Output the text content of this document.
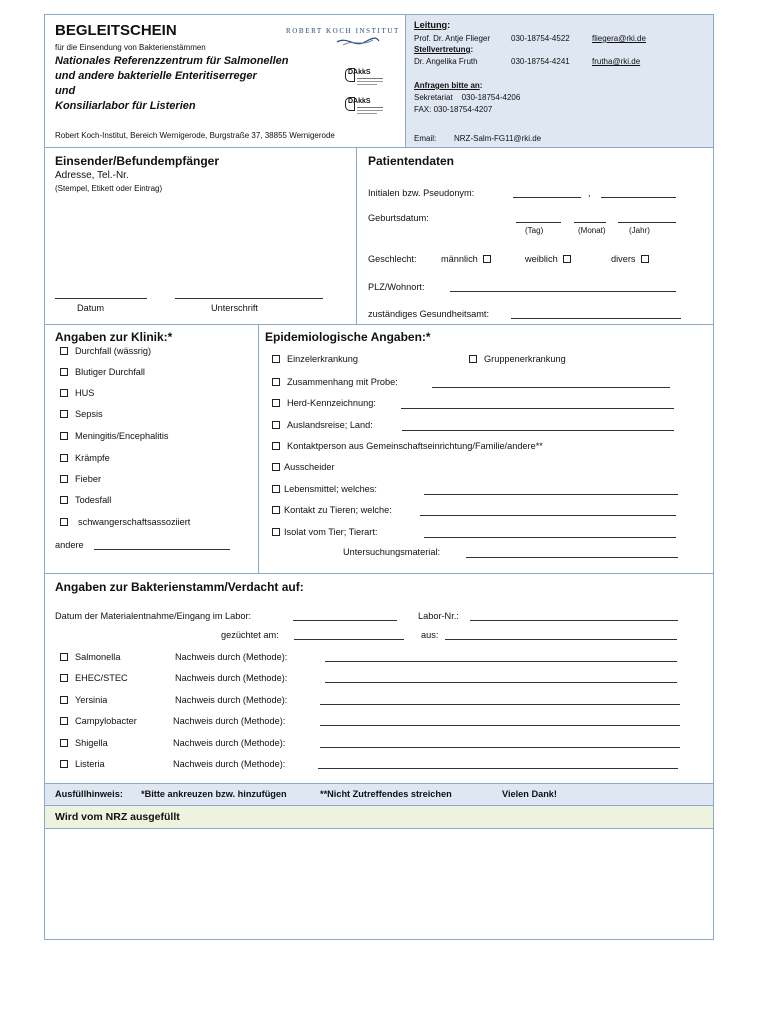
BEGLEITSCHEIN
für die Einsendung von Bakterienstämmen
Nationales Referenzzentrum für Salmonellen
und andere bakterielle Enteritiserreger
und
Konsiliarlabor für Listerien
Robert Koch-Institut, Bereich Wernigerode, Burgstraße 37, 38855 Wernigerode
ROBERT KOCH INSTITUT
DAkkS
DAkkS
Leitung:
Prof. Dr. Antje Flieger	030-18754-4522	fliegera@rki.de
Stellvertretung:
Dr. Angelika Fruth	030-18754-4241	frutha@rki.de
Anfragen bitte an:
Sekretariat    030-18754-4206
FAX: 030-18754-4207
Email: NRZ-Salm-FG11@rki.de
Einsender/Befundempfänger
Adresse, Tel.-Nr.
(Stempel, Etikett oder Eintrag)
Datum	Unterschrift
Patientendaten
Initialen bzw. Pseudonym:	,
Geburtsdatum:
(Tag)	(Monat)	(Jahr)
Geschlecht:	männlich	weiblich	divers
PLZ/Wohnort:
zuständiges Gesundheitsamt:
Angaben zur Klinik:*
Durchfall (wässrig)
Blutiger Durchfall
HUS
Sepsis
Meningitis/Encephalitis
Krämpfe
Fieber
Todesfall
schwangerschaftsassoziiert
andere
Epidemiologische Angaben:*
Einzelerkrankung	Gruppenerkrankung
Zusammenhang mit Probe:
Herd-Kennzeichnung:
Auslandsreise; Land:
Kontaktperson aus Gemeinschaftseinrichtung/Familie/andere**
Ausscheider
Lebensmittel; welches:
Kontakt zu Tieren; welche:
Isolat vom Tier; Tierart:
Untersuchungsmaterial:
Angaben zur Bakterienstamm/Verdacht auf:
Datum der Materialentnahme/Eingang im Labor:	Labor-Nr.:
gezüchtet am:	aus:
Salmonella	Nachweis durch (Methode):
EHEC/STEC	Nachweis durch (Methode):
Yersinia	Nachweis durch (Methode):
Campylobacter	Nachweis durch (Methode):
Shigella	Nachweis durch (Methode):
Listeria	Nachweis durch (Methode):
Ausfüllhinweis: *Bitte ankreuzen bzw. hinzufügen	**Nicht Zutreffendes streichen	Vielen Dank!
Wird vom NRZ ausgefüllt
